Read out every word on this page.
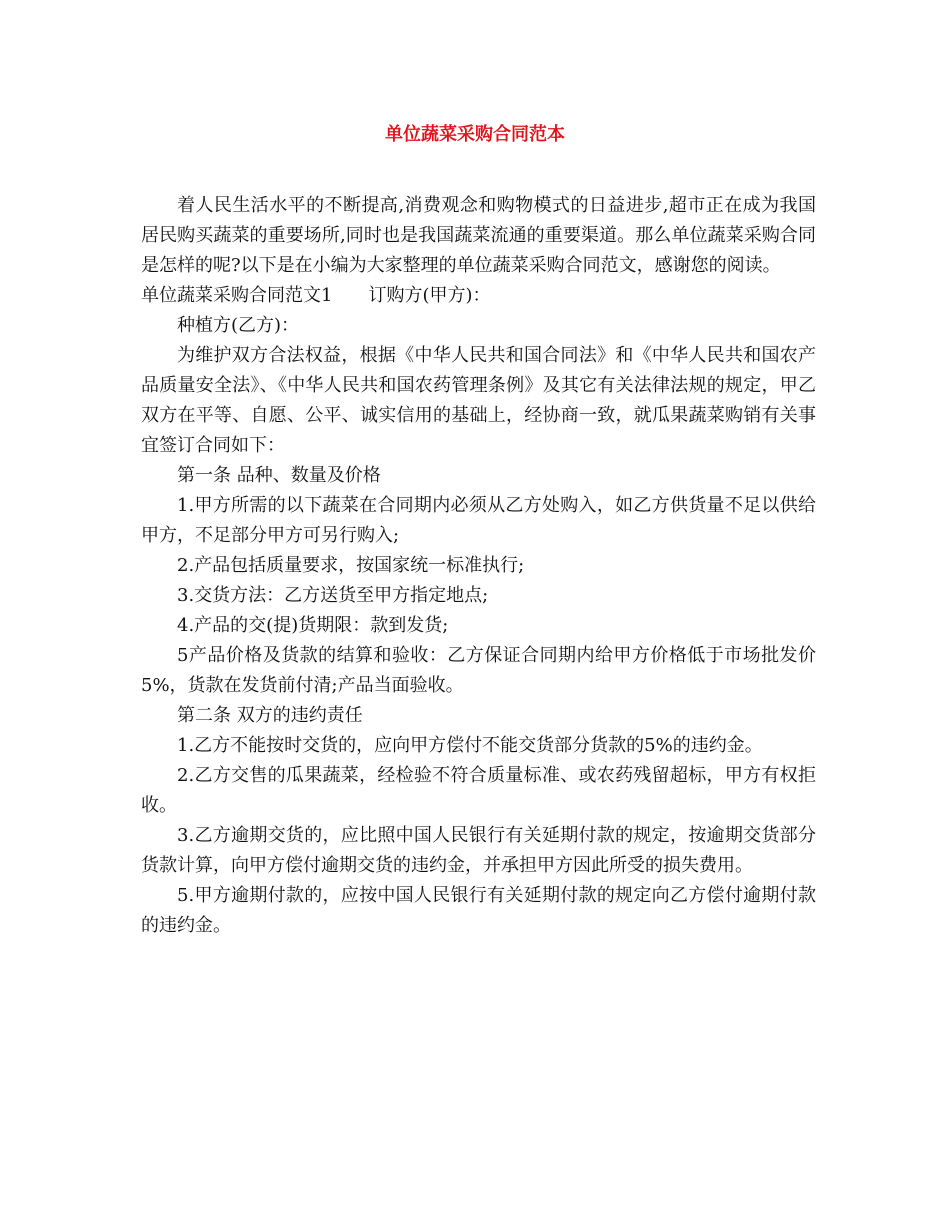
单位蔬菜采购合同范本

着人民生活水平的不断提高,消费观念和购物模式的日益进步,超市正在成为我国居民购买蔬菜的重要场所,同时也是我国蔬菜流通的重要渠道。那么单位蔬菜采购合同是怎样的呢?以下是在小编为大家整理的单位蔬菜采购合同范文，感谢您的阅读。

单位蔬菜采购合同范文1　　订购方(甲方)：

种植方(乙方)：

为维护双方合法权益，根据《中华人民共和国合同法》和《中华人民共和国农产品质量安全法》、《中华人民共和国农药管理条例》及其它有关法律法规的规定，甲乙双方在平等、自愿、公平、诚实信用的基础上，经协商一致，就瓜果蔬菜购销有关事宜签订合同如下：

第一条 品种、数量及价格

1.甲方所需的以下蔬菜在合同期内必须从乙方处购入，如乙方供货量不足以供给甲方，不足部分甲方可另行购入;

2.产品包括质量要求，按国家统一标准执行;

3.交货方法：乙方送货至甲方指定地点;

4.产品的交(提)货期限：款到发货;

5产品价格及货款的结算和验收：乙方保证合同期内给甲方价格低于市场批发价5%，货款在发货前付清;产品当面验收。

第二条 双方的违约责任

1.乙方不能按时交货的，应向甲方偿付不能交货部分货款的5%的违约金。

2.乙方交售的瓜果蔬菜，经检验不符合质量标准、或农药残留超标，甲方有权拒收。

3.乙方逾期交货的，应比照中国人民银行有关延期付款的规定，按逾期交货部分货款计算，向甲方偿付逾期交货的违约金，并承担甲方因此所受的损失费用。

5.甲方逾期付款的，应按中国人民银行有关延期付款的规定向乙方偿付逾期付款的违约金。
